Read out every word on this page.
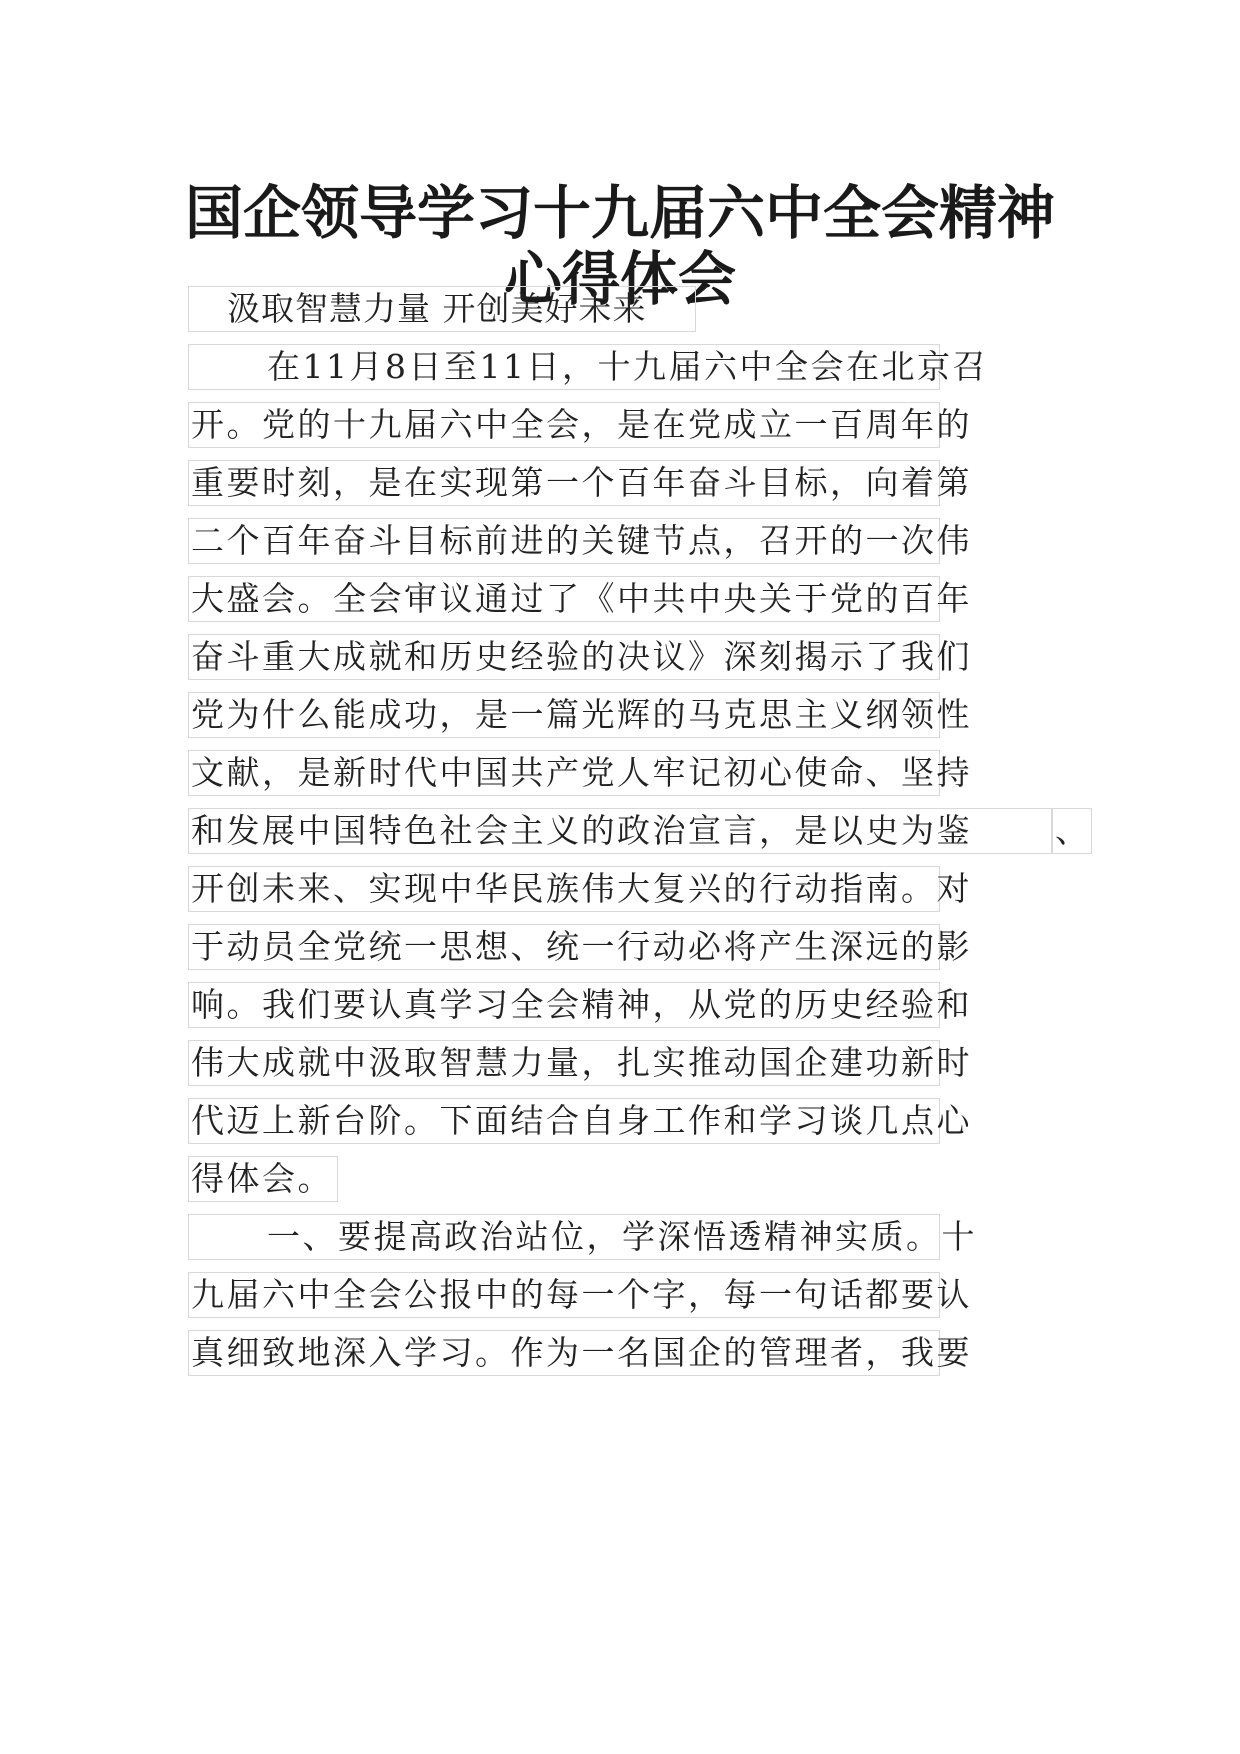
国企领导学习十九届六中全会精神
心得体会
汲取智慧力量 开创美好未来
在11月8日至11日，十九届六中全会在北京召
开。党的十九届六中全会，是在党成立一百周年的
重要时刻，是在实现第一个百年奋斗目标，向着第
二个百年奋斗目标前进的关键节点，召开的一次伟
大盛会。全会审议通过了《中共中央关于党的百年
奋斗重大成就和历史经验的决议》深刻揭示了我们
党为什么能成功，是一篇光辉的马克思主义纲领性
文献，是新时代中国共产党人牢记初心使命、坚持
和发展中国特色社会主义的政治宣言，是以史为鉴	、
开创未来、实现中华民族伟大复兴的行动指南。对
于动员全党统一思想、统一行动必将产生深远的影
响。我们要认真学习全会精神，从党的历史经验和
伟大成就中汲取智慧力量，扎实推动国企建功新时
代迈上新台阶。下面结合自身工作和学习谈几点心
得体会。
一、要提高政治站位，学深悟透精神实质。十
九届六中全会公报中的每一个字，每一句话都要认
真细致地深入学习。作为一名国企的管理者，我要
